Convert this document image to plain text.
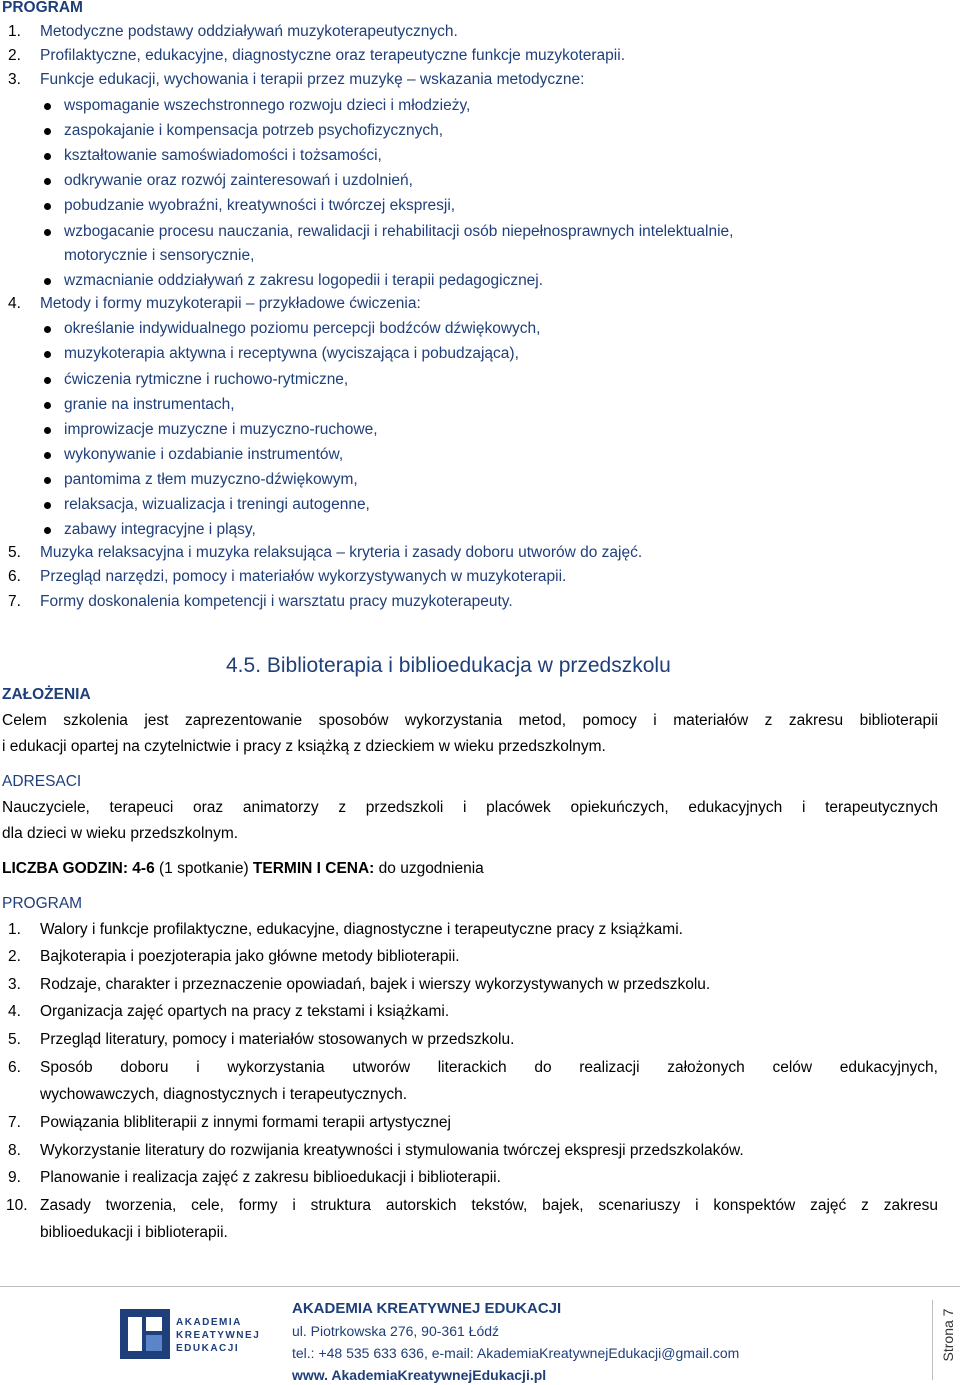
PROGRAM
1. Metodyczne podstawy oddziaływań muzykoterapeutycznych.
2. Profilaktyczne, edukacyjne, diagnostyczne oraz terapeutyczne funkcje muzykoterapii.
3. Funkcje edukacji, wychowania i terapii przez muzykę – wskazania metodyczne:
wspomaganie wszechstronnego rozwoju dzieci i młodzieży,
zaspokajanie i kompensacja potrzeb psychofizycznych,
kształtowanie samoświadomości i tożsamości,
odkrywanie oraz rozwój zainteresowań i uzdolnień,
pobudzanie wyobraźni, kreatywności i twórczej ekspresji,
wzbogacanie procesu nauczania, rewalidacji i rehabilitacji osób niepełnosprawnych intelektualnie,
motorycznie i sensorycznie,
wzmacnianie oddziaływań z zakresu logopedii i terapii pedagogicznej.
4. Metody i formy muzykoterapii – przykładowe ćwiczenia:
określanie indywidualnego poziomu percepcji bodźców dźwiękowych,
muzykoterapia aktywna i receptywna (wyciszająca i pobudzająca),
ćwiczenia rytmiczne i ruchowo-rytmiczne,
granie na instrumentach,
improwizacje muzyczne i muzyczno-ruchowe,
wykonywanie i ozdabianie instrumentów,
pantomima z tłem muzyczno-dźwiękowym,
relaksacja, wizualizacja i treningi autogenne,
zabawy integracyjne i pląsy,
5. Muzyka relaksacyjna i muzyka relaksująca – kryteria i zasady doboru utworów do zajęć.
6. Przegląd narzędzi, pomocy i materiałów wykorzystywanych w muzykoterapii.
7. Formy doskonalenia kompetencji i warsztatu pracy muzykoterapeuty.
4.5. Biblioterapia i biblioedukacja w przedszkolu
ZAŁOŻENIA
Celem szkolenia jest zaprezentowanie sposobów wykorzystania metod, pomocy i materiałów z zakresu biblioterapii
i edukacji opartej na czytelnictwie i pracy z książką z dzieckiem w wieku przedszkolnym.
ADRESACI
Nauczyciele, terapeuci oraz animatorzy z przedszkoli i placówek opiekuńczych, edukacyjnych i terapeutycznych
dla dzieci w wieku przedszkolnym.
LICZBA GODZIN: 4-6 (1 spotkanie) TERMIN I CENA: do uzgodnienia
PROGRAM
1. Walory i funkcje profilaktyczne, edukacyjne, diagnostyczne i terapeutyczne pracy z książkami.
2. Bajkoterapia i poezjoterapia jako główne metody biblioterapii.
3. Rodzaje, charakter i przeznaczenie opowiadań, bajek i wierszy wykorzystywanych w przedszkolu.
4. Organizacja zajęć opartych na pracy z tekstami i książkami.
5. Przegląd literatury, pomocy i materiałów stosowanych w przedszkolu.
6. Sposób doboru i wykorzystania utworów literackich do realizacji założonych celów edukacyjnych,
wychowawczych, diagnostycznych i terapeutycznych.
7. Powiązania blibliterapii z innymi formami terapii artystycznej
8. Wykorzystanie literatury do rozwijania kreatywności i stymulowania twórczej ekspresji przedszkolaków.
9. Planowanie i realizacja zajęć z zakresu biblioedukacji i biblioterapii.
10. Zasady tworzenia, cele, formy i struktura autorskich tekstów, bajek, scenariuszy i konspektów zajęć z zakresu
biblioedukacji i biblioterapii.
AKADEMIA
KREATYWNEJ
EDUKACJI
AKADEMIA KREATYWNEJ EDUKACJI
ul. Piotrkowska 276, 90-361 Łódź
tel.: +48 535 633 636, e-mail: AkademiaKreatywnejEdukacji@gmail.com
www. AkademiaKreatywnejEdukacji.pl
Strona 7
